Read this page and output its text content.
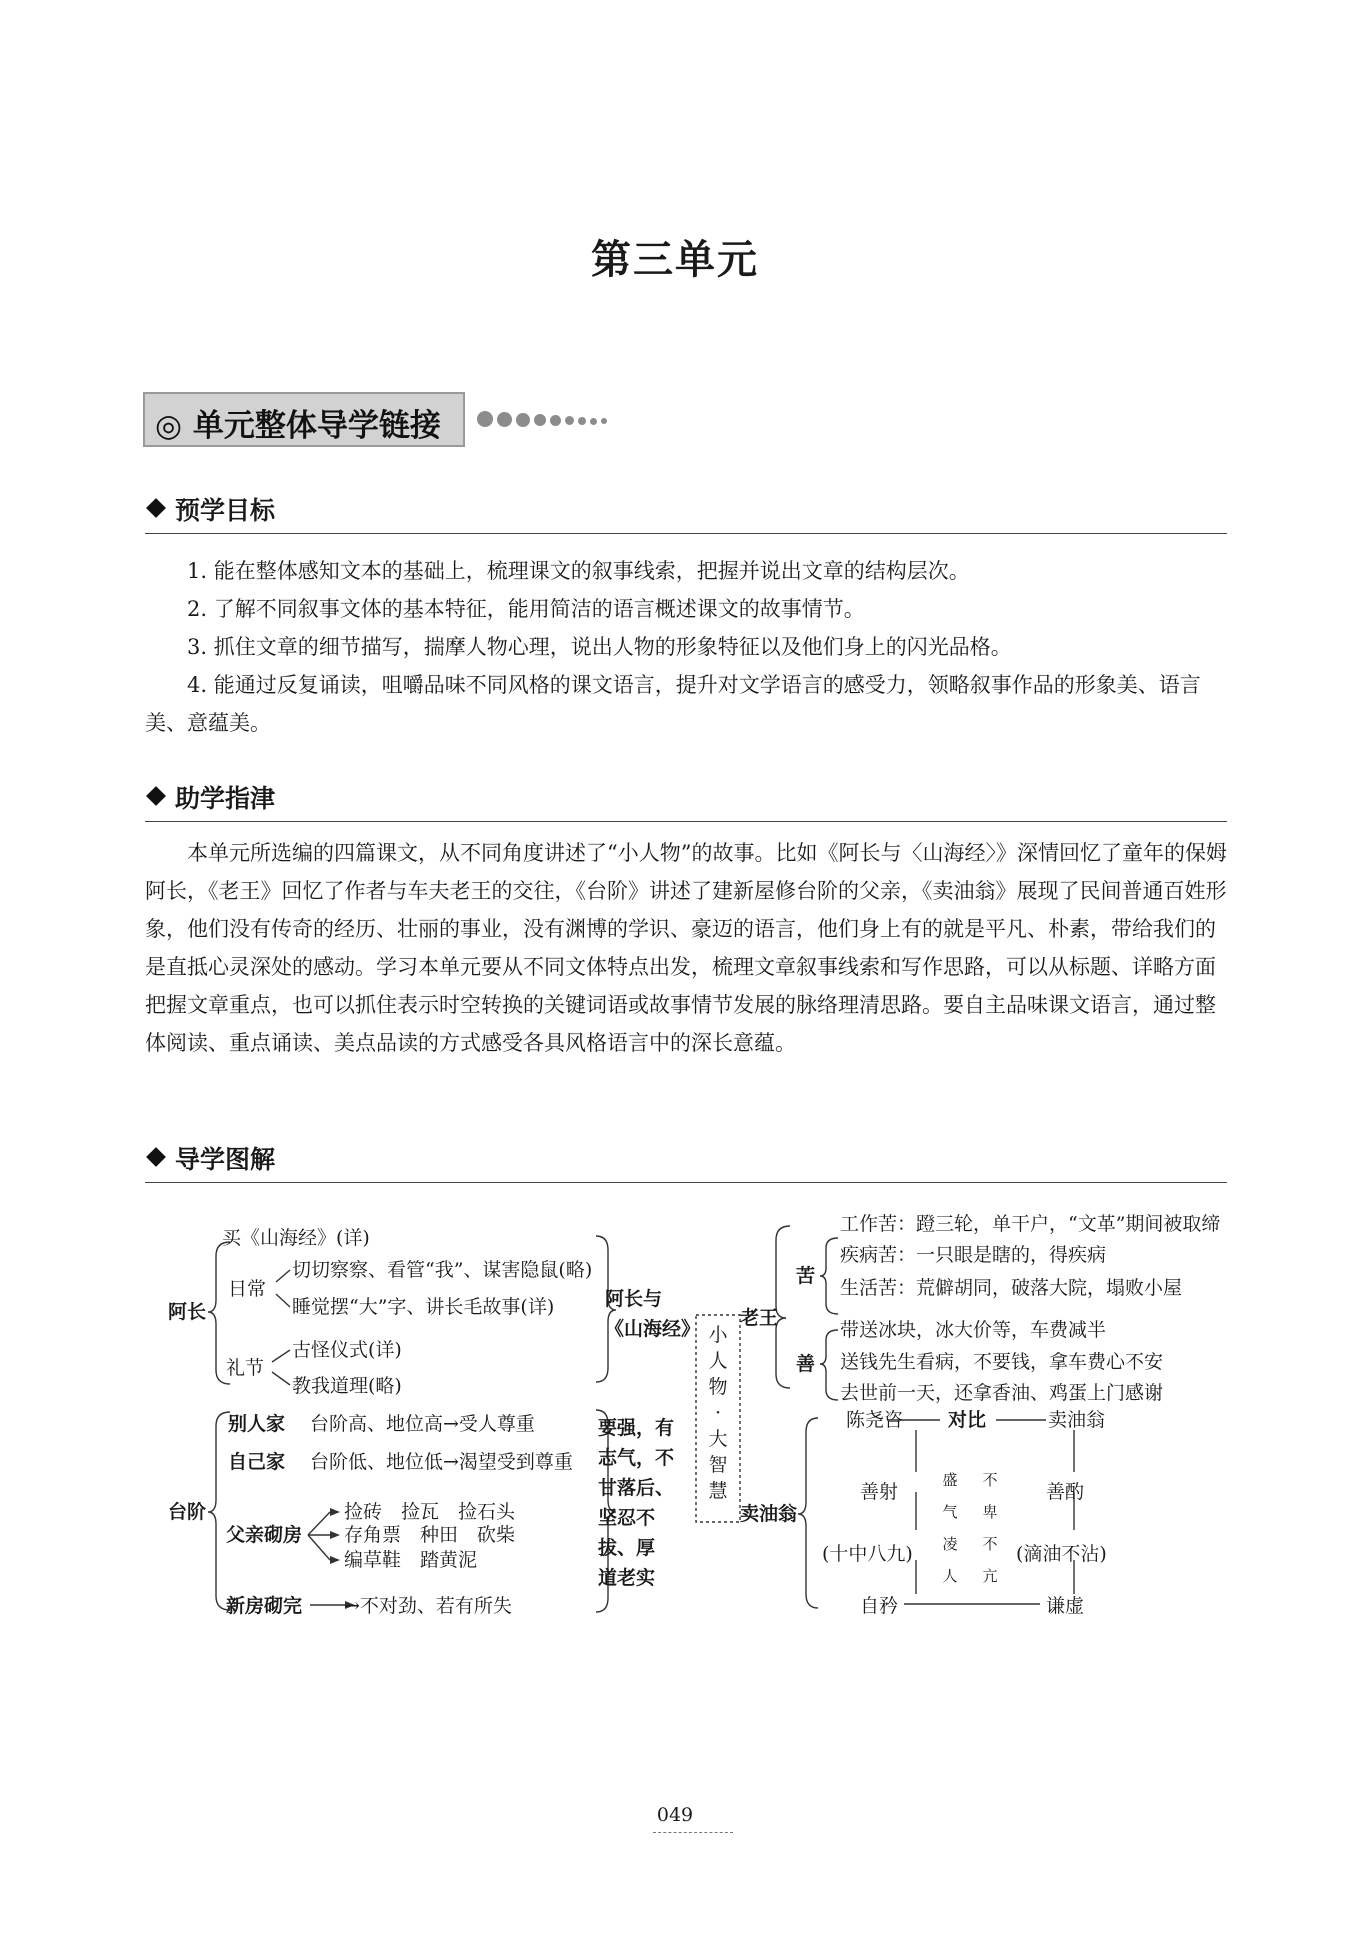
第三单元
◎ 单元整体导学链接
预学目标

1. 能在整体感知文本的基础上，梳理课文的叙事线索，把握并说出文章的结构层次。

2. 了解不同叙事文体的基本特征，能用简洁的语言概述课文的故事情节。

3. 抓住文章的细节描写，揣摩人物心理，说出人物的形象特征以及他们身上的闪光品格。

4. 能通过反复诵读，咀嚼品味不同风格的课文语言，提升对文学语言的感受力，领略叙事作品的形象美、语言美、意蕴美。

助学指津

本单元所选编的四篇课文，从不同角度讲述了“小人物”的故事。比如《阿长与〈山海经〉》深情回忆了童年的保姆阿长，《老王》回忆了作者与车夫老王的交往，《台阶》讲述了建新屋修台阶的父亲，《卖油翁》展现了民间普通百姓形象，他们没有传奇的经历、壮丽的事业，没有渊博的学识、豪迈的语言，他们身上有的就是平凡、朴素，带给我们的是直抵心灵深处的感动。学习本单元要从不同文体特点出发，梳理文章叙事线索和写作思路，可以从标题、详略方面把握文章重点，也可以抓住表示时空转换的关键词语或故事情节发展的脉络理清思路。要自主品味课文语言，通过整体阅读、重点诵读、美点品读的方式感受各具风格语言中的深长意蕴。

导学图解
阿长
买《山海经》(详)
日常
切切察察、看管“我”、谋害隐鼠(略)
睡觉摆“大”字、讲长毛故事(详)
礼节
古怪仪式(详)
教我道理(略)
阿长与《山海经》
台阶
别人家 台阶高、地位高→受人尊重
自己家 台阶低、地位低→渴望受到尊重
父亲砌房
捡砖　捡瓦　捡石头
存角票　种田　砍柴
编草鞋　踏黄泥
新房砌完 →不对劲、若有所失
要强，有
志气，不
甘落后、
坚忍不
拔、厚
道老实
小
人
物
·
大
智
慧
老王
苦
工作苦：蹬三轮，单干户，“文革”期间被取缔
疾病苦：一只眼是瞎的，得疾病
生活苦：荒僻胡同，破落大院，塌败小屋
善
带送冰块，冰大价等，车费减半
送钱先生看病，不要钱，拿车费心不安
去世前一天，还拿香油、鸡蛋上门感谢
卖油翁
陈尧咨 对比	卖油翁
善射	善酌
(十中八九)	(滴油不沾)
盛
气
凌
人
不
卑
不
亢
自矜	谦虚
049
